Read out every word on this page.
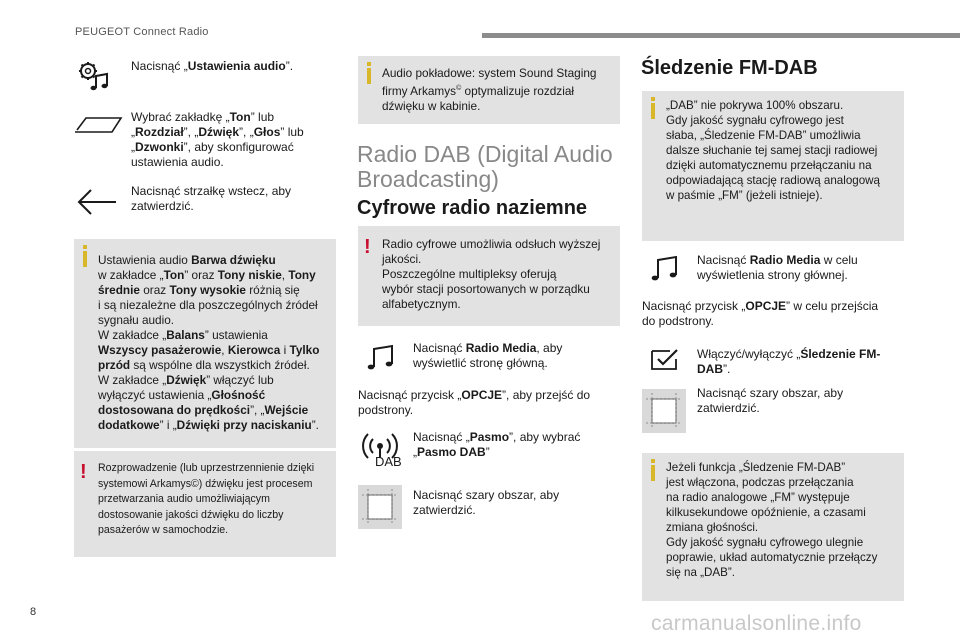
PEUGEOT Connect Radio
Nacisnąć „Ustawienia audio”.
Wybrać zakładkę „Ton” lub
„Rozdział”, „Dźwięk”, „Głos” lub
„Dzwonki”, aby skonfigurować
ustawienia audio.
Nacisnąć strzałkę wstecz, aby
zatwierdzić.
Ustawienia audio Barwa dźwięku
w zakładce „Ton” oraz Tony niskie, Tony
średnie oraz Tony wysokie różnią się
i są niezależne dla poszczególnych źródeł
sygnału audio.
W zakładce „Balans” ustawienia
Wszyscy pasażerowie, Kierowca i Tylko
przód są wspólne dla wszystkich źródeł.
W zakładce „Dźwięk” włączyć lub
wyłączyć ustawienia „Głośność
dostosowana do prędkości”, „Wejście
dodatkowe” i „Dźwięki przy naciskaniu”.
! Rozprowadzenie (lub uprzestrzennienie dzięki
systemowi Arkamys©) dźwięku jest procesem
przetwarzania audio umożliwiającym
dostosowanie jakości dźwięku do liczby
pasażerów w samochodzie.
Audio pokładowe: system Sound Staging
firmy Arkamys© optymalizuje rozdział
dźwięku w kabinie.
Radio DAB (Digital Audio
Broadcasting)
Cyfrowe radio naziemne
! Radio cyfrowe umożliwia odsłuch wyższej
jakości.
Poszczególne multipleksy oferują
wybór stacji posortowanych w porządku
alfabetycznym.
Nacisnąć Radio Media, aby
wyświetlić stronę główną.
Nacisnąć przycisk „OPCJE”, aby przejść do
podstrony.
DAB
Nacisnąć „Pasmo”, aby wybrać
„Pasmo DAB”
Nacisnąć szary obszar, aby
zatwierdzić.
Śledzenie FM-DAB
„DAB” nie pokrywa 100% obszaru.
Gdy jakość sygnału cyfrowego jest
słaba, „Śledzenie FM-DAB” umożliwia
dalsze słuchanie tej samej stacji radiowej
dzięki automatycznemu przełączaniu na
odpowiadającą stację radiową analogową
w paśmie „FM” (jeżeli istnieje).
Nacisnąć Radio Media w celu
wyświetlenia strony głównej.
Nacisnąć przycisk „OPCJE” w celu przejścia
do podstrony.
Włączyć/wyłączyć „Śledzenie FM-
DAB”.
Nacisnąć szary obszar, aby
zatwierdzić.
Jeżeli funkcja „Śledzenie FM-DAB”
jest włączona, podczas przełączania
na radio analogowe „FM” występuje
kilkusekundowe opóźnienie, a czasami
zmiana głośności.
Gdy jakość sygnału cyfrowego ulegnie
poprawie, układ automatycznie przełączy
się na „DAB”.
8	carmanualsonline.info
